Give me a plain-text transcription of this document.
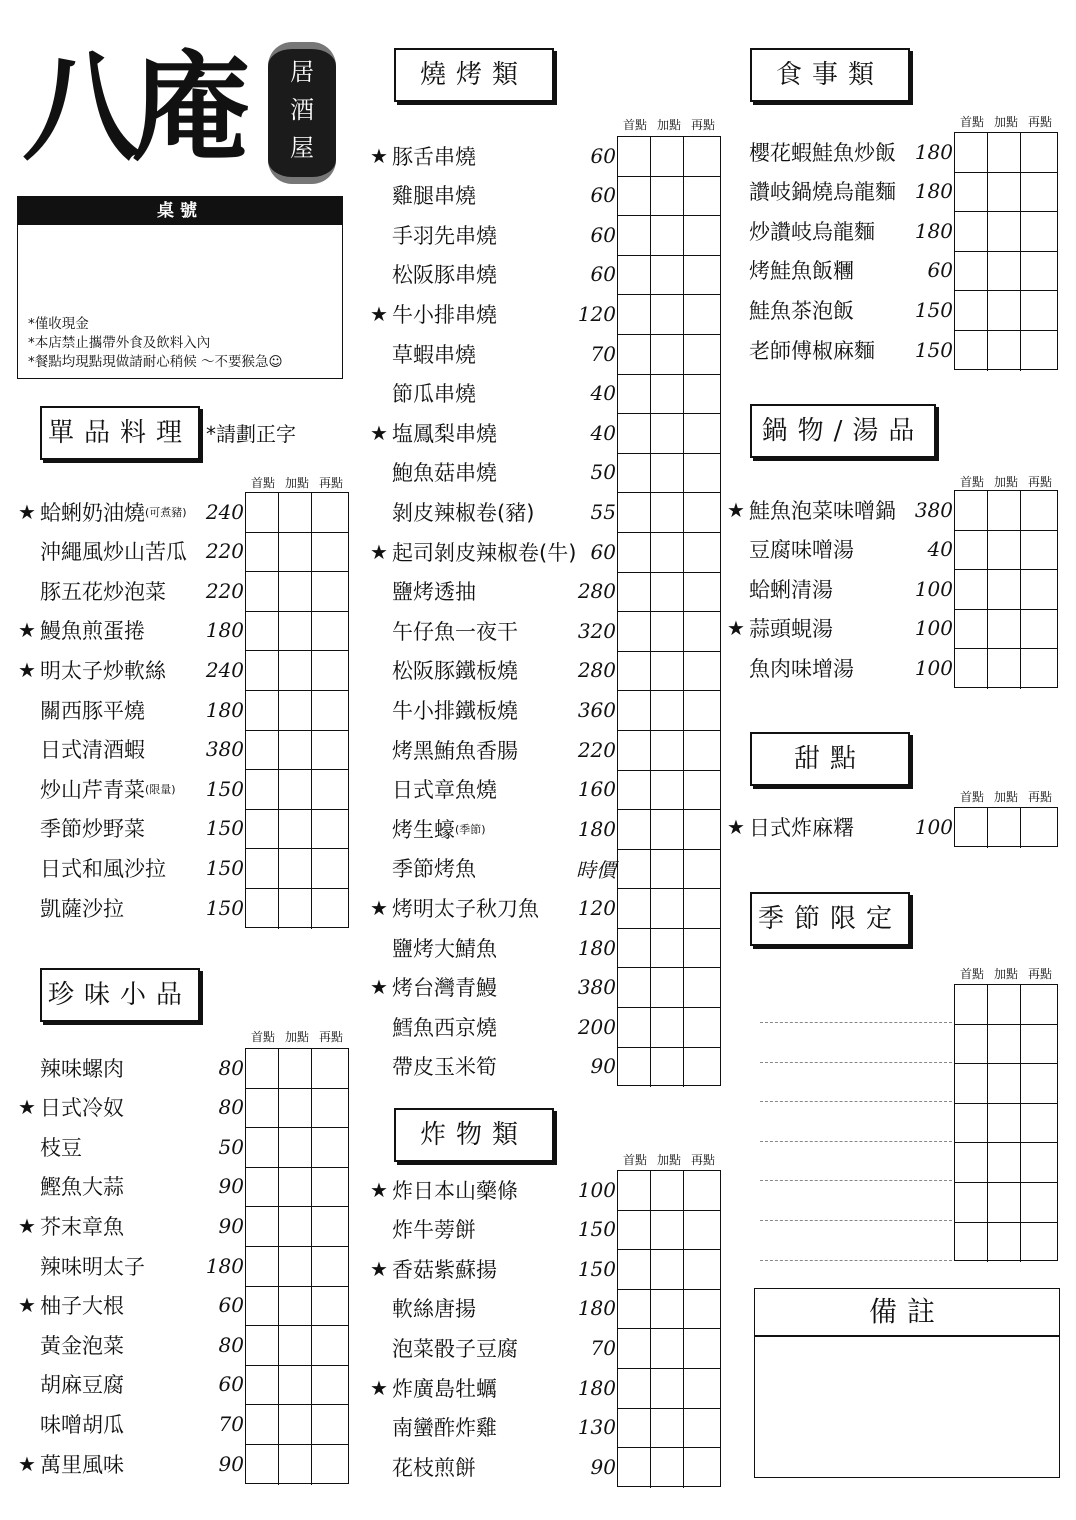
八庵	居
酒
屋
桌號
*僅收現金
*本店禁止攜帶外食及飲料入內
*餐點均現點現做請耐心稍候 ～不要猴急☺
單品料理 *請劃正字
珍味小品
燒烤類
炸物類
食事類
鍋物/湯品
甜點
季節限定
首點 加點 再點
★ 蛤蜊奶油燒 (可煮豬) 240
沖繩風炒山苦瓜 220
豚五花炒泡菜 220
★ 鰻魚煎蛋捲	180
★ 明太子炒軟絲 240
關西豚平燒	180
日式清酒蝦	380
炒山芹青菜 (限量) 150
季節炒野菜	150
日式和風沙拉 150
凱薩沙拉	150
首點 加點 再點
辣味螺肉	80
★ 日式冷奴	80
枝豆	50
鰹魚大蒜	90
★ 芥末章魚	90
辣味明太子	180
★ 柚子大根	60
黃金泡菜	80
胡麻豆腐	60
味噌胡瓜	70
★ 萬里風味	90
首點 加點 再點
★ 豚舌串燒	60
雞腿串燒	60
手羽先串燒	60
松阪豚串燒	60
★ 牛小排串燒	120
草蝦串燒	70
節瓜串燒	40
★ 塩鳳梨串燒	40
鮑魚菇串燒	50
剝皮辣椒卷(豬)	55
★ 起司剝皮辣椒卷(牛) 60
鹽烤透抽	280
午仔魚一夜干	320
松阪豚鐵板燒	280
牛小排鐵板燒	360
烤黑鮪魚香腸	220
日式章魚燒	160
烤生蠔 (季節)	180
季節烤魚	時價
★ 烤明太子秋刀魚 120
鹽烤大鯖魚	180
★ 烤台灣青鰻	380
鱈魚西京燒	200
帶皮玉米筍	90
首點 加點 再點
★ 炸日本山藥條	100
炸牛蒡餅	150
★ 香菇紫蘇揚	150
軟絲唐揚	180
泡菜骰子豆腐	70
★ 炸廣島牡蠣	180
南蠻酢炸雞	130
花枝煎餅	90
首點 加點 再點
櫻花蝦鮭魚炒飯 180
讚岐鍋燒烏龍麵 180
炒讚岐烏龍麵 180
烤鮭魚飯糰	60
鮭魚茶泡飯	150
老師傅椒麻麵 150
首點 加點 再點
★ 鮭魚泡菜味噌鍋 380
豆腐味噌湯	40
蛤蜊清湯	100
★ 蒜頭蜆湯	100
魚肉味增湯	100
首點 加點 再點
★ 日式炸麻糬	100
首點 加點 再點
備註
